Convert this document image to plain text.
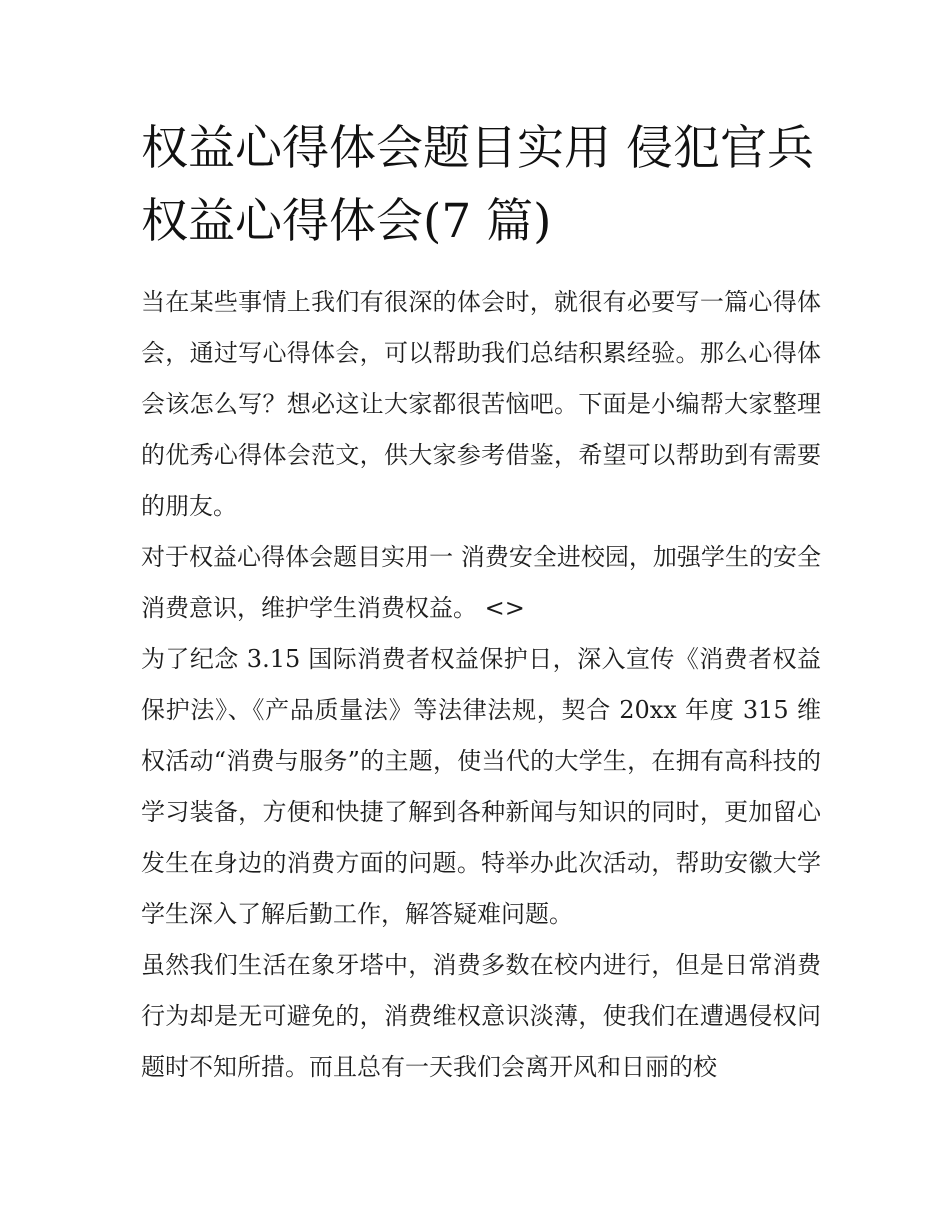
权益心得体会题目实用 侵犯官兵权益心得体会(7 篇)

当在某些事情上我们有很深的体会时，就很有必要写一篇心得体会，通过写心得体会，可以帮助我们总结积累经验。那么心得体会该怎么写？想必这让大家都很苦恼吧。下面是小编帮大家整理的优秀心得体会范文，供大家参考借鉴，希望可以帮助到有需要的朋友。

对于权益心得体会题目实用一 消费安全进校园，加强学生的安全消费意识，维护学生消费权益。 <>

为了纪念 3.15 国际消费者权益保护日，深入宣传《消费者权益保护法》、《产品质量法》等法律法规，契合 20xx 年度 315 维权活动“消费与服务”的主题，使当代的大学生，在拥有高科技的学习装备，方便和快捷了解到各种新闻与知识的同时，更加留心发生在身边的消费方面的问题。特举办此次活动，帮助安徽大学学生深入了解后勤工作，解答疑难问题。

虽然我们生活在象牙塔中，消费多数在校内进行，但是日常消费行为却是无可避免的，消费维权意识淡薄，使我们在遭遇侵权问题时不知所措。而且总有一天我们会离开风和日丽的校
